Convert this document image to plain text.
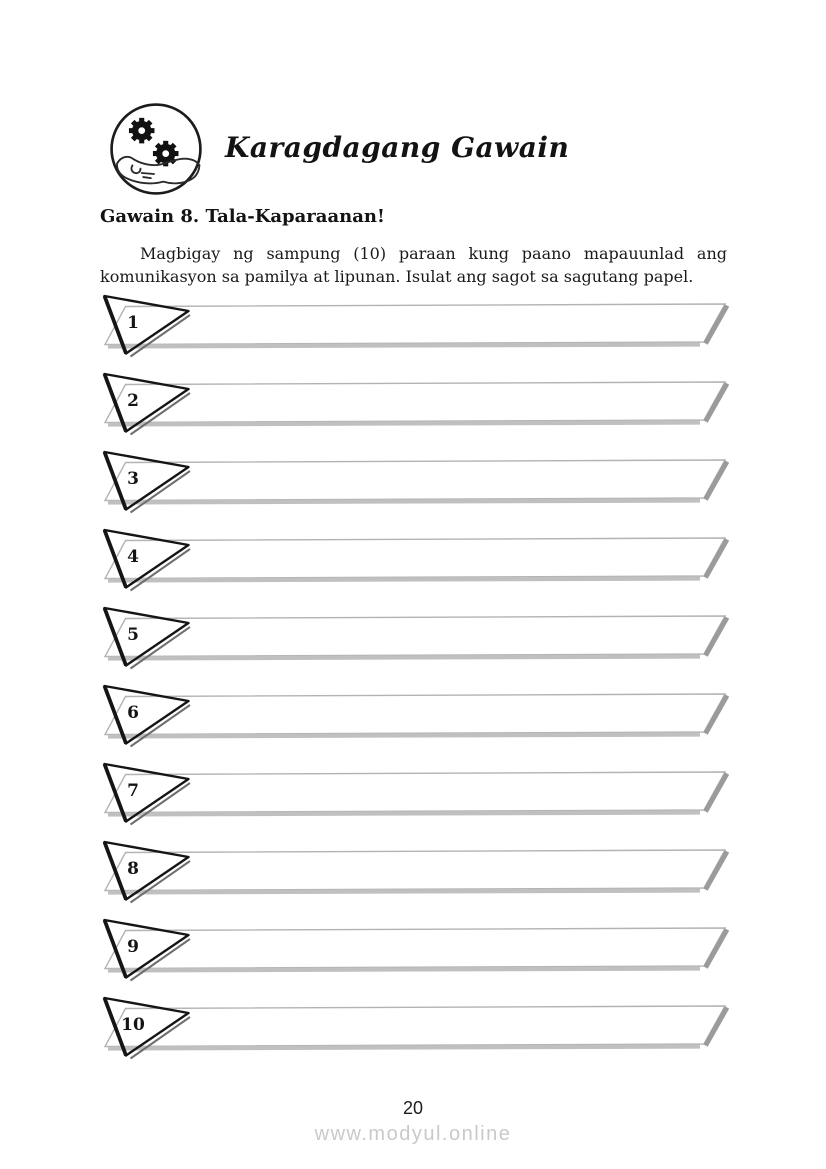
Karagdagang Gawain
Gawain 8. Tala-Kaparaanan!
Magbigay ng sampung (10) paraan kung paano mapauunlad ang
komunikasyon sa pamilya at lipunan. Isulat ang sagot sa sagutang papel.
1
2
3
4
5
6
7
8
9
10
20
www.modyul.online
